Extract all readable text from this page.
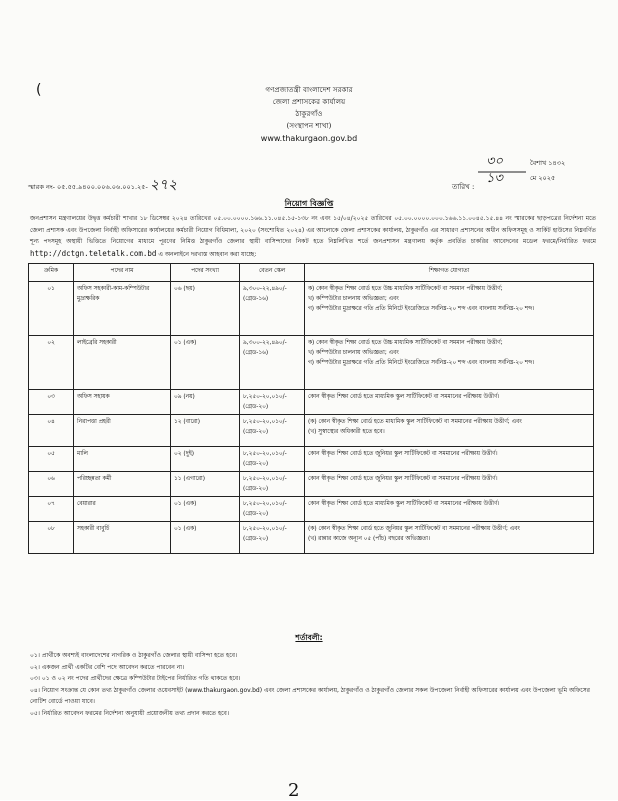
(	গণপ্রজাতন্ত্রী বাংলাদেশ সরকার
জেলা প্রশাসকের কার্যালয়
ঠাকুরগাঁও
(সংস্থাপন শাখা)
www.thakurgaon.gov.bd
স্মারক নং- ০৫.৫৫.৯৪০০.০০৬.০৬.০০১.২৫- ২৭২	তারিখ :
৩০	বৈশাখ ১৪৩২
১৩	মে ২০২৫
নিয়োগ বিজ্ঞপ্তি
জনপ্রশাসন মন্ত্রণালয়ের উদ্বৃত্ত কর্মচারী শাখার ১৮ ডিসেম্বর ২০২৪ তারিখের ০৫.০০.০০০০.১৬৬.১১.০৪৫.১৫-১৩৮ নং এবং ১৫/০৪/২০২৫ তারিখের ০৫.০০.০০০০.০০০.১৬৬.১১.০০৪৫.১৫.৪৪ নং স্মারকের ছাড়পত্রের নির্দেশনা মতে জেলা প্রশাসক এবং উপজেলা নির্বাহী অফিসারের কার্যালয়ের কর্মচারী নিয়োগ বিধিমালা, ২০২০ (সংশোধিত ২০২৪) এর আলোকে জেলা প্রশাসকের কার্যালয়, ঠাকুরগাঁও এর সাধারণ প্রশাসনের অধীন অফিসসমূহ ও সার্কিট হাউসের নিম্নবর্ণিত শূন্য পদসমূহ অস্থায়ী ভিত্তিতে নিয়োগের মাধ্যমে পূরণের নিমিত্ত ঠাকুরগাঁও জেলার স্থায়ী বাসিন্দাদের নিকট হতে নিম্নলিখিত শর্তে জনপ্রশাসন মন্ত্রণালয় কর্তৃক প্রবর্তিত চাকরির আবেদনের মডেল ফরমে/নির্ধারিত ফরমে http://dctgn.teletalk.com.bd এ অনলাইনে দরখাস্ত আহবান করা যাচ্ছে:
ক্রমিক	পদের নাম	পদের সংখ্যা	বেতন স্কেল	শিক্ষাগত যোগ্যতা
০১	অফিস সহকারী-কাম-কম্পিউটার মুদ্রাক্ষরিক	০৬ (ছয়)	৯,৩০০-২২,৪৯০/- (গ্রেড-১৬)	ক) কোন স্বীকৃত শিক্ষা বোর্ড হতে উচ্চ মাধ্যমিক সার্টিফিকেট বা সমমান পরীক্ষায় উত্তীর্ণ;
খ) কম্পিউটার চালনায় অভিজ্ঞতা; এবং
গ) কম্পিউটার মুদ্রাক্ষরে গতি প্রতি মিনিটে ইংরেজিতে সর্বনিম্ন-২০ শব্দ এবং বাংলায় সর্বনিম্ন-২০ শব্দ।

০২	লাইব্রেরি সহকারী	০১ (এক)	৯,৩০০-২২,৪৯০/- (গ্রেড-১৬)	ক) কোন স্বীকৃত শিক্ষা বোর্ড হতে উচ্চ মাধ্যমিক সার্টিফিকেট বা সমমান পরীক্ষায় উত্তীর্ণ;
খ) কম্পিউটার চালনায় অভিজ্ঞতা; এবং
গ) কম্পিউটার মুদ্রাক্ষরে গতি প্রতি মিনিটে ইংরেজিতে সর্বনিম্ন-২০ শব্দ এবং বাংলায় সর্বনিম্ন-২০ শব্দ।

০৩	অফিস সহায়ক	০৯ (নয়)	৮,২৫০-২০,০১০/- (গ্রেড-২০)	কোন স্বীকৃত শিক্ষা বোর্ড হতে মাধ্যমিক স্কুল সার্টিফিকেট বা সমমানের পরীক্ষায় উত্তীর্ণ।

০৪	নিরাপত্তা প্রহরী	১২ (বারো)	৮,২৫০-২০,০১০/- (গ্রেড-২০)	(ক) কোন স্বীকৃত শিক্ষা বোর্ড হতে মাধ্যমিক স্কুল সার্টিফিকেট বা সমমানের পরীক্ষায় উত্তীর্ণ; এবং
(খ) সুস্বাস্থ্যের অধিকারী হতে হবে।

০৫	মালি	০২ (দুই)	৮,২৫০-২০,০১০/- (গ্রেড-২০)	কোন স্বীকৃত শিক্ষা বোর্ড হতে জুনিয়র স্কুল সার্টিফিকেট বা সমমানের পরীক্ষায় উত্তীর্ণ।

০৬	পরিচ্ছন্নতা কর্মী	১১ (এগারো)	৮,২৫০-২০,০১০/- (গ্রেড-২০)	কোন স্বীকৃত শিক্ষা বোর্ড হতে জুনিয়র স্কুল সার্টিফিকেট বা সমমানের পরীক্ষায় উত্তীর্ণ।

০৭	বেয়ারার	০১ (এক)	৮,২৫০-২০,০১০/- (গ্রেড-২০)	কোন স্বীকৃত শিক্ষা বোর্ড হতে মাধ্যমিক স্কুল সার্টিফিকেট বা সমমানের পরীক্ষায় উত্তীর্ণ।

০৮	সহকারী বাবুর্চি	০১ (এক)	৮,২৫০-২০,০১০/- (গ্রেড-২০)	(ক) কোন স্বীকৃত শিক্ষা বোর্ড হতে জুনিয়র স্কুল সার্টিফিকেট বা সমমানের পরীক্ষায় উত্তীর্ণ; এবং
(খ) রান্নার কাজে অন্যূন ০৫ (পাঁচ) বছরের অভিজ্ঞতা।
শর্তাবলী:
০১। প্রার্থীকে অবশ্যই বাংলাদেশের নাগরিক ও ঠাকুরগাঁও জেলার স্থায়ী বাসিন্দা হতে হবে।
০২। একজন প্রার্থী একটির বেশি পদে আবেদন করতে পারবেন না।
০৩। ০১ ও ০২ নং পদের প্রার্থীদের ক্ষেত্রে কম্পিউটার টাইপের নির্ধারিত গতি থাকতে হবে।
০৪। নিয়োগ সংক্রান্ত যে কোন তথ্য ঠাকুরগাঁও জেলার ওয়েবসাইট (www.thakurgaon.gov.bd) এবং জেলা প্রশাসকের কার্যালয়, ঠাকুরগাঁও ও ঠাকুরগাঁও জেলার সকল উপজেলা নির্বাহী অফিসারের কার্যালয় এবং উপজেলা ভূমি অফিসের নোটিশ বোর্ডে পাওয়া যাবে।
০৫। নির্ধারিত আবেদন ফরমের নির্দেশনা অনুযায়ী প্রয়োজনীয় তথ্য প্রদান করতে হবে।
2
